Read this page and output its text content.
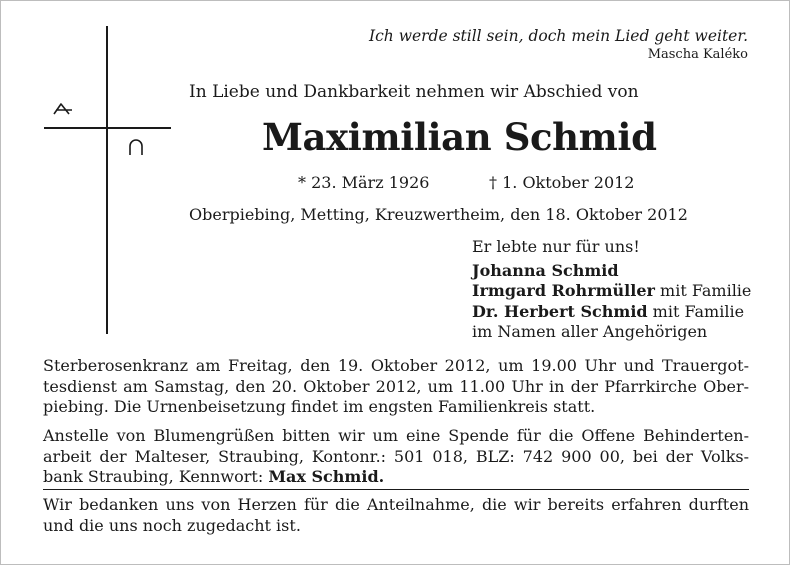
Ich werde still sein, doch mein Lied geht weiter.
Mascha Kaléko
In Liebe und Dankbarkeit nehmen wir Abschied von
Maximilian Schmid
* 23. März 1926	† 1. Oktober 2012
Oberpiebing, Metting, Kreuzwertheim, den 18. Oktober 2012
Er lebte nur für uns!
Johanna Schmid
Irmgard Rohrmüller mit Familie
Dr. Herbert Schmid mit Familie
im Namen aller Angehörigen
Sterberosenkranz am Freitag, den 19. Oktober 2012, um 19.00 Uhr und Trauergot-
tesdienst am Samstag, den 20. Oktober 2012, um 11.00 Uhr in der Pfarrkirche Ober-
piebing. Die Urnenbeisetzung findet im engsten Familienkreis statt.
Anstelle von Blumengrüßen bitten wir um eine Spende für die Offene Behinderten-
arbeit der Malteser, Straubing, Kontonr.: 501 018, BLZ: 742 900 00, bei der Volks-
bank Straubing, Kennwort: Max Schmid.
Wir bedanken uns von Herzen für die Anteilnahme, die wir bereits erfahren durften
und die uns noch zugedacht ist.
